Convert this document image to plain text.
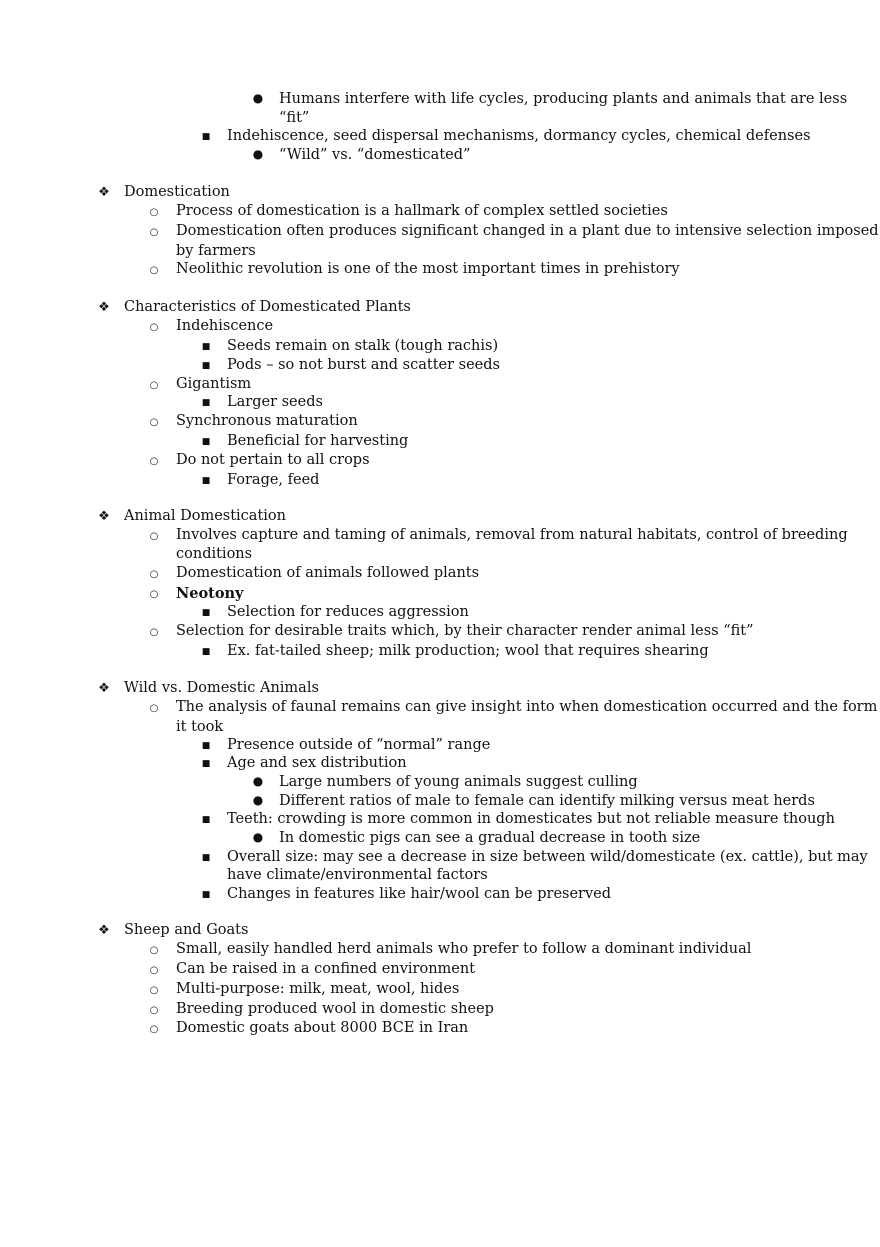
●	Humans interfere with life cycles, producing plants and animals that are less
“fit”
■	Indehiscence, seed dispersal mechanisms, dormancy cycles, chemical defenses
●	“Wild” vs. “domesticated”
❖ Domestication
○	Process of domestication is a hallmark of complex settled societies
○	Domestication often produces significant changed in a plant due to intensive selection imposed
by farmers
○	Neolithic revolution is one of the most important times in prehistory
❖ Characteristics of Domesticated Plants
○	Indehiscence
■	Seeds remain on stalk (tough rachis)
■	Pods – so not burst and scatter seeds
○	Gigantism
■	Larger seeds
○	Synchronous maturation
■	Beneficial for harvesting
○	Do not pertain to all crops
■	Forage, feed
❖ Animal Domestication
○	Involves capture and taming of animals, removal from natural habitats, control of breeding
conditions
○	Domestication of animals followed plants
○	Neotony
■	Selection for reduces aggression
○	Selection for desirable traits which, by their character render animal less “fit”
■	Ex. fat-tailed sheep; milk production; wool that requires shearing
❖ Wild vs. Domestic Animals
○	The analysis of faunal remains can give insight into when domestication occurred and the form
it took
■	Presence outside of “normal” range
■	Age and sex distribution
●	Large numbers of young animals suggest culling
●	Different ratios of male to female can identify milking versus meat herds
■	Teeth: crowding is more common in domesticates but not reliable measure though
●	In domestic pigs can see a gradual decrease in tooth size
■	Overall size: may see a decrease in size between wild/domesticate (ex. cattle), but may
have climate/environmental factors
■	Changes in features like hair/wool can be preserved
❖ Sheep and Goats
○	Small, easily handled herd animals who prefer to follow a dominant individual
○	Can be raised in a confined environment
○	Multi-purpose: milk, meat, wool, hides
○	Breeding produced wool in domestic sheep
○	Domestic goats about 8000 BCE in Iran
